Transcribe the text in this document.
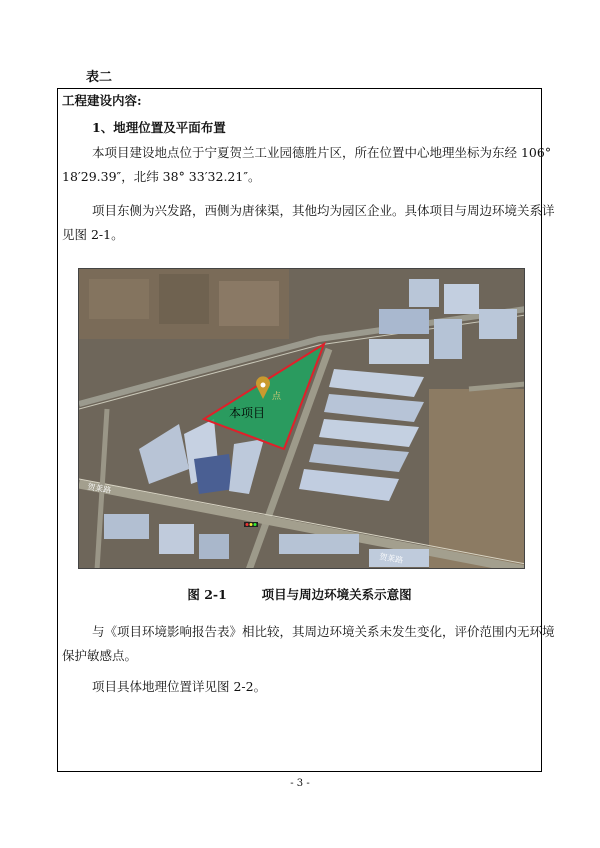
表二
工程建设内容:
1、地理位置及平面布置
本项目建设地点位于宁夏贺兰工业园德胜片区，所在位置中心地理坐标为东经 106°
18′29.39″，北纬 38° 33′32.21″。
项目东侧为兴发路，西侧为唐徕渠，其他均为园区企业。具体项目与周边环境关系详
见图 2-1。
点
本项目
贺莱路
贺莱路
图 2-1        项目与周边环境关系示意图
与《项目环境影响报告表》相比较，其周边环境关系未发生变化，评价范围内无环境
保护敏感点。
项目具体地理位置详见图 2-2。
- 3 -
